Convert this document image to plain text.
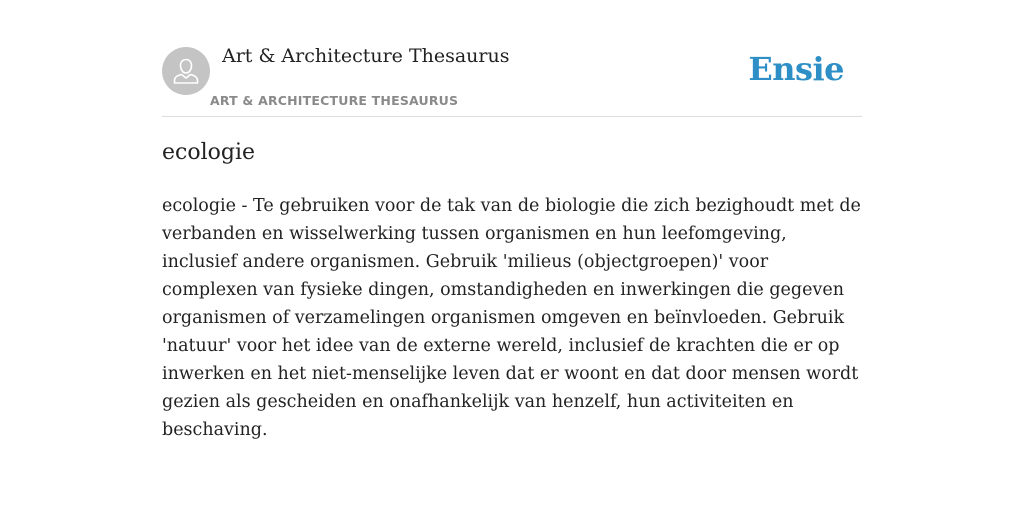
Art & Architecture Thesaurus
ART & ARCHITECTURE THESAURUS
Ensie
ecologie

ecologie - Te gebruiken voor de tak van de biologie die zich bezighoudt met de verbanden en wisselwerking tussen organismen en hun leefomgeving, inclusief andere organismen. Gebruik 'milieus (objectgroepen)' voor complexen van fysieke dingen, omstandigheden en inwerkingen die gegeven organismen of verzamelingen organismen omgeven en beïnvloeden. Gebruik 'natuur' voor het idee van de externe wereld, inclusief de krachten die er op inwerken en het niet-menselijke leven dat er woont en dat door mensen wordt gezien als gescheiden en onafhankelijk van henzelf, hun activiteiten en beschaving.
